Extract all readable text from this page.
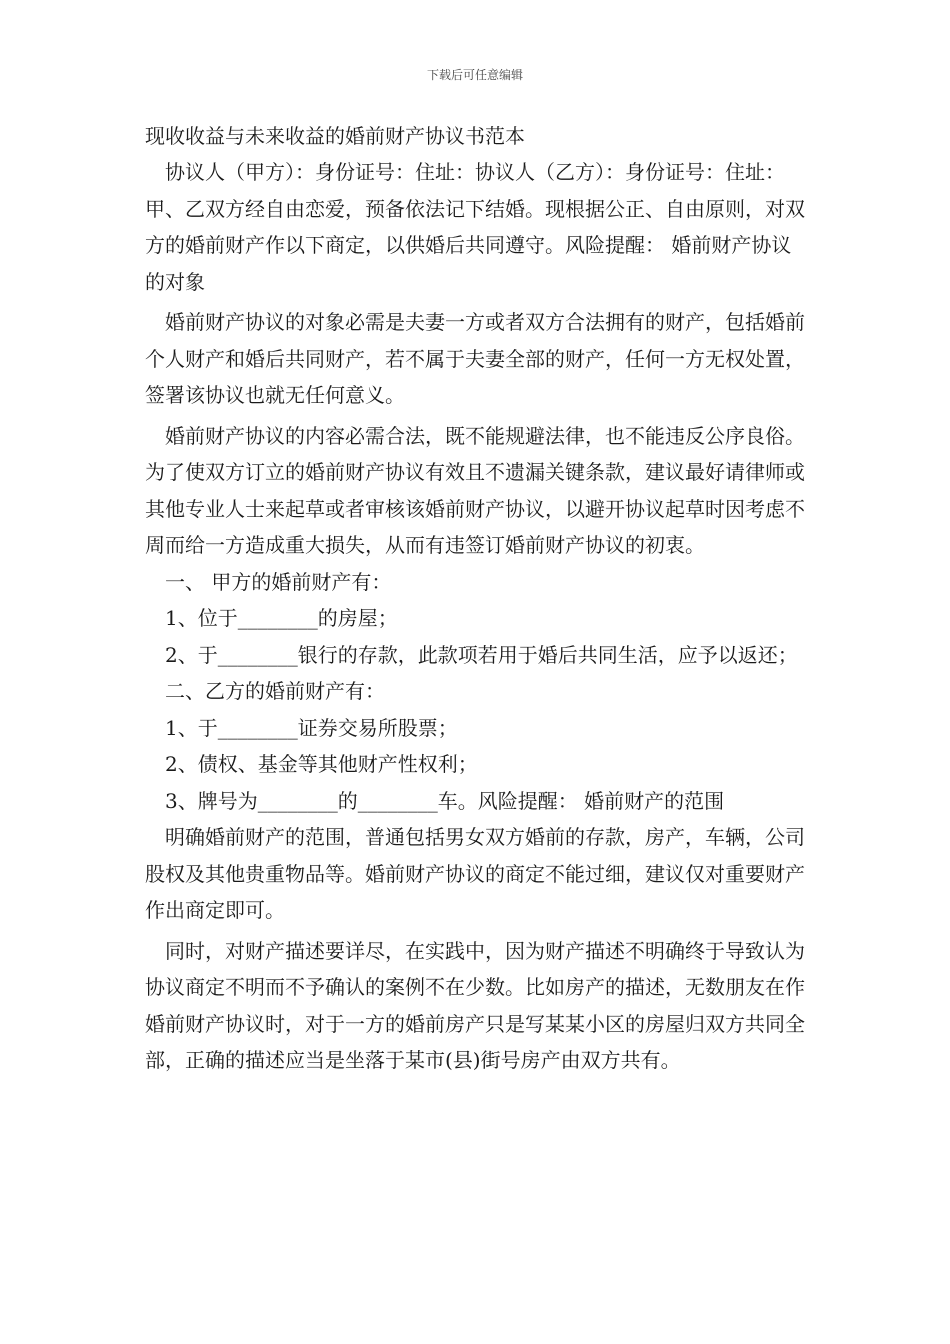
下载后可任意编辑

现收收益与未来收益的婚前财产协议书范本

协议人（甲方）：身份证号：住址：协议人（乙方）：身份证号：住址：甲、乙双方经自由恋爱，预备依法记下结婚。现根据公正、自由原则，对双方的婚前财产作以下商定，以供婚后共同遵守。风险提醒： 婚前财产协议的对象

婚前财产协议的对象必需是夫妻一方或者双方合法拥有的财产，包括婚前个人财产和婚后共同财产，若不属于夫妻全部的财产，任何一方无权处置，签署该协议也就无任何意义。

婚前财产协议的内容必需合法，既不能规避法律，也不能违反公序良俗。为了使双方订立的婚前财产协议有效且不遗漏关键条款，建议最好请律师或其他专业人士来起草或者审核该婚前财产协议，以避开协议起草时因考虑不周而给一方造成重大损失，从而有违签订婚前财产协议的初衷。

一、 甲方的婚前财产有：

1、位于________的房屋；

2、于________银行的存款，此款项若用于婚后共同生活，应予以返还；

二、乙方的婚前财产有：

1、于________证券交易所股票；

2、债权、基金等其他财产性权利；

3、牌号为________的________车。风险提醒： 婚前财产的范围

明确婚前财产的范围，普通包括男女双方婚前的存款，房产，车辆，公司股权及其他贵重物品等。婚前财产协议的商定不能过细，建议仅对重要财产作出商定即可。

同时，对财产描述要详尽，在实践中，因为财产描述不明确终于导致认为协议商定不明而不予确认的案例不在少数。比如房产的描述，无数朋友在作婚前财产协议时，对于一方的婚前房产只是写某某小区的房屋归双方共同全部，正确的描述应当是坐落于某市(县)街号房产由双方共有。
